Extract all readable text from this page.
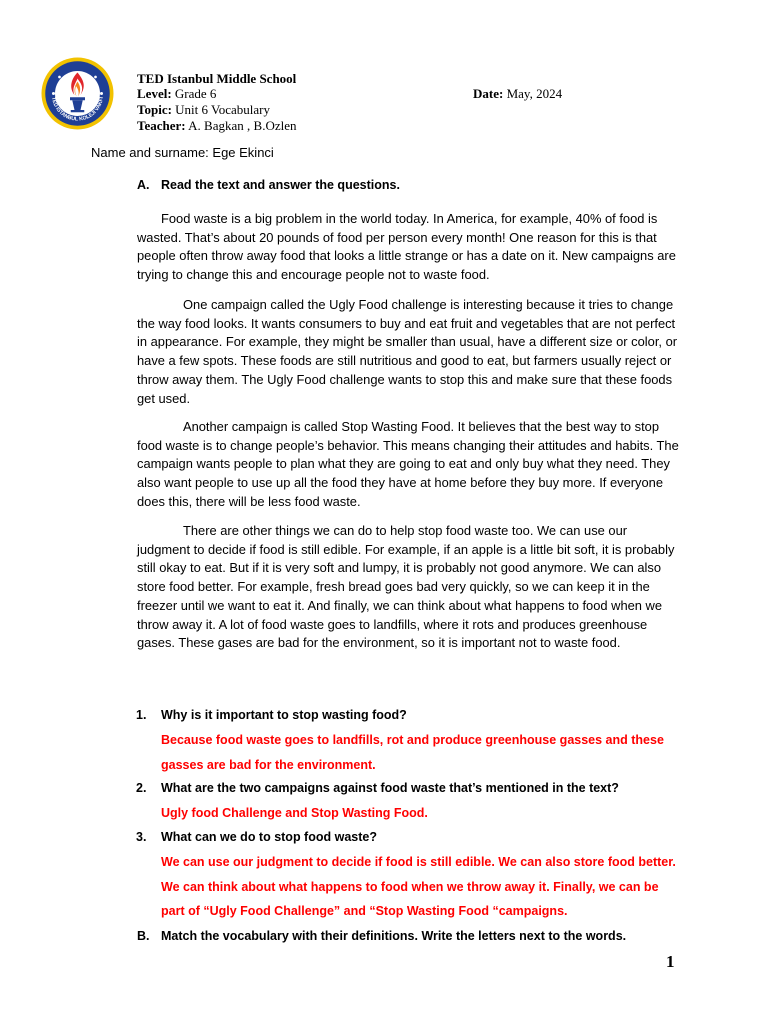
TED İSTANBUL KOLEJİ VAKFI
TED Istanbul Middle School
Level: Grade 6	Date: May, 2024
Topic: Unit 6 Vocabulary
Teacher: A. Bagkan , B.Ozlen
Name and surname: Ege Ekinci
A. Read the text and answer the questions.

Food waste is a big problem in the world today. In America, for example, 40% of food is wasted. That’s about 20 pounds of food per person every month! One reason for this is that people often throw away food that looks a little strange or has a date on it. New campaigns are trying to change this and encourage people not to waste food.

One campaign called the Ugly Food challenge is interesting because it tries to change the way food looks. It wants consumers to buy and eat fruit and vegetables that are not perfect in appearance. For example, they might be smaller than usual, have a different size or color, or have a few spots. These foods are still nutritious and good to eat, but farmers usually reject or throw away them. The Ugly Food challenge wants to stop this and make sure that these foods get used.

Another campaign is called Stop Wasting Food. It believes that the best way to stop food waste is to change people’s behavior. This means changing their attitudes and habits. The campaign wants people to plan what they are going to eat and only buy what they need. They also want people to use up all the food they have at home before they buy more. If everyone does this, there will be less food waste.

There are other things we can do to help stop food waste too. We can use our judgment to decide if food is still edible. For example, if an apple is a little bit soft, it is probably still okay to eat. But if it is very soft and lumpy, it is probably not good anymore. We can also store food better. For example, fresh bread goes bad very quickly, so we can keep it in the freezer until we want to eat it. And finally, we can think about what happens to food when we throw away it. A lot of food waste goes to landfills, where it rots and produces greenhouse gases. These gases are bad for the environment, so it is important not to waste food.

1. Why is it important to stop wasting food?
Because food waste goes to landfills, rot and produce greenhouse gasses and these
gasses are bad for the environment.
2. What are the two campaigns against food waste that’s mentioned in the text?
Ugly food Challenge and Stop Wasting Food.
3. What can we do to stop food waste?
We can use our judgment to decide if food is still edible. We can also store food better.
We can think about what happens to food when we throw away it. Finally, we can be
part of “Ugly Food Challenge” and “Stop Wasting Food “campaigns.
B. Match the vocabulary with their definitions. Write the letters next to the words.
1
